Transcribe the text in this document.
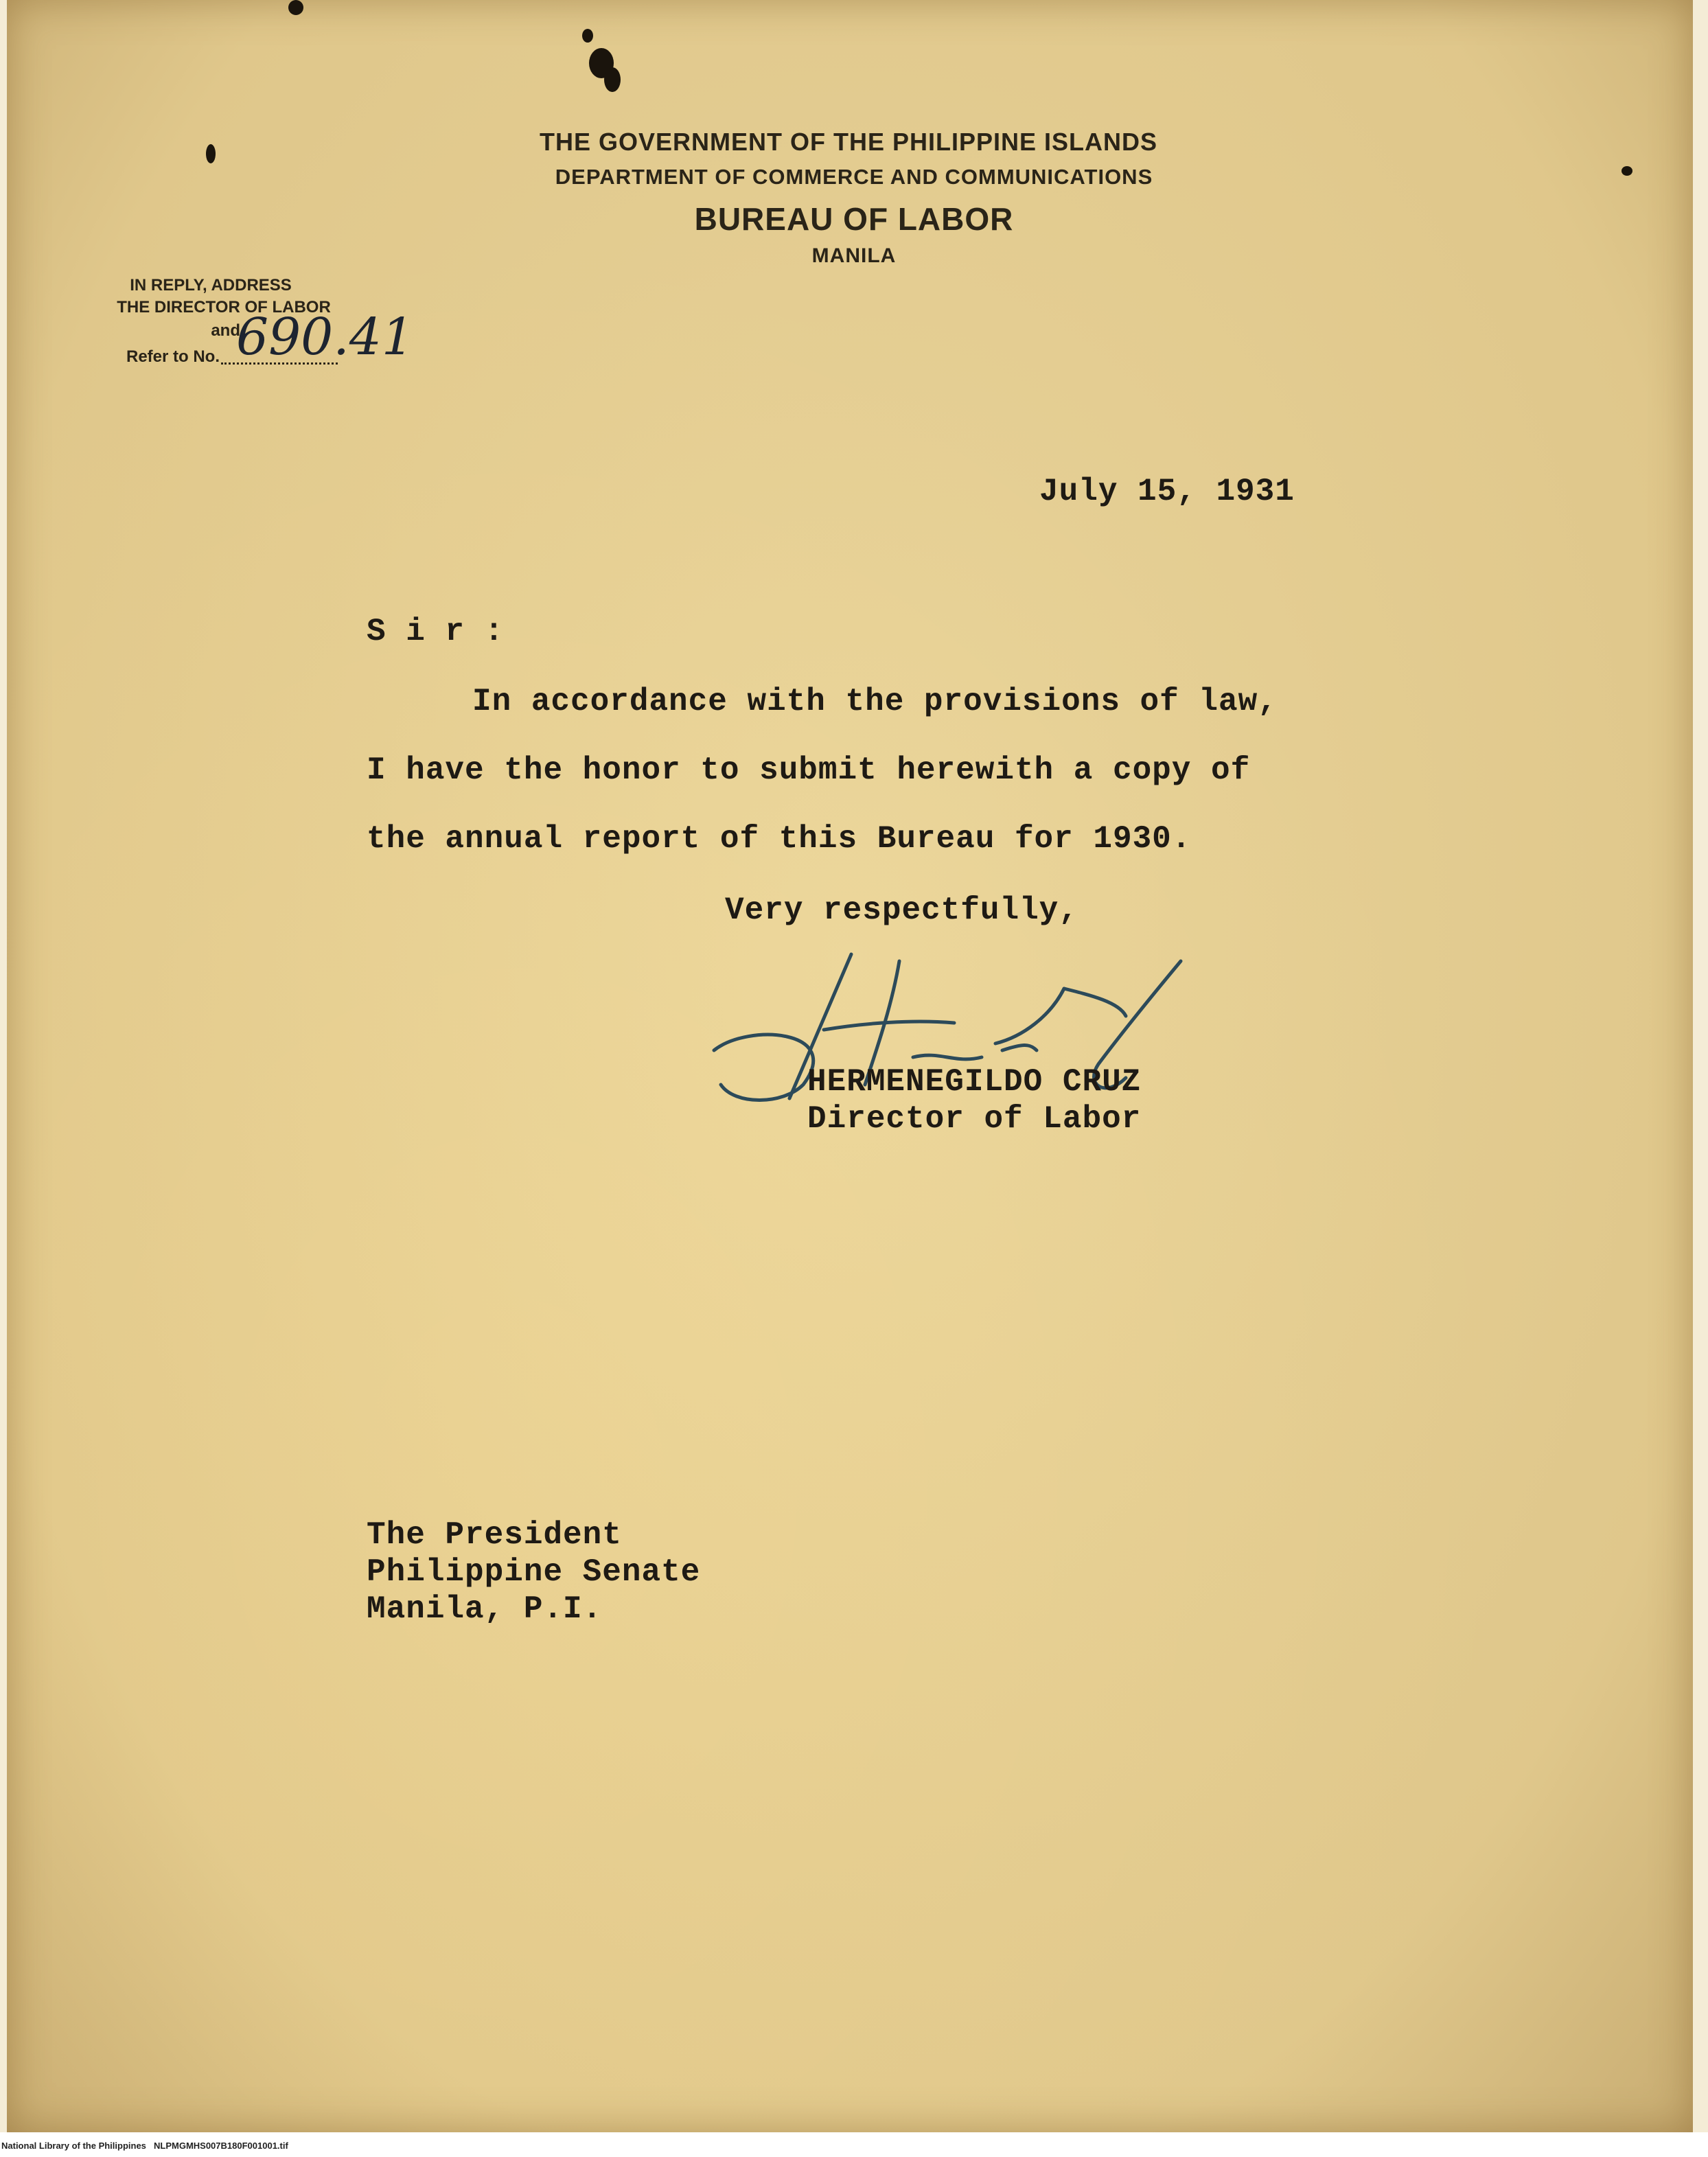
THE GOVERNMENT OF THE PHILIPPINE ISLANDS
DEPARTMENT OF COMMERCE AND COMMUNICATIONS
BUREAU OF LABOR
MANILA
IN REPLY, ADDRESS
THE DIRECTOR OF LABOR
and
Refer to No. 690.41
July 15, 1931
S i r :
In accordance with the provisions of law,
I have the honor to submit herewith a copy of
the annual report of this Bureau for 1930.
Very respectfully,
HERMENEGILDO CRUZ
Director of Labor
The President
Philippine Senate
Manila, P.I.
National Library of the Philippines NLPMGMHS007B180F001001.tif
